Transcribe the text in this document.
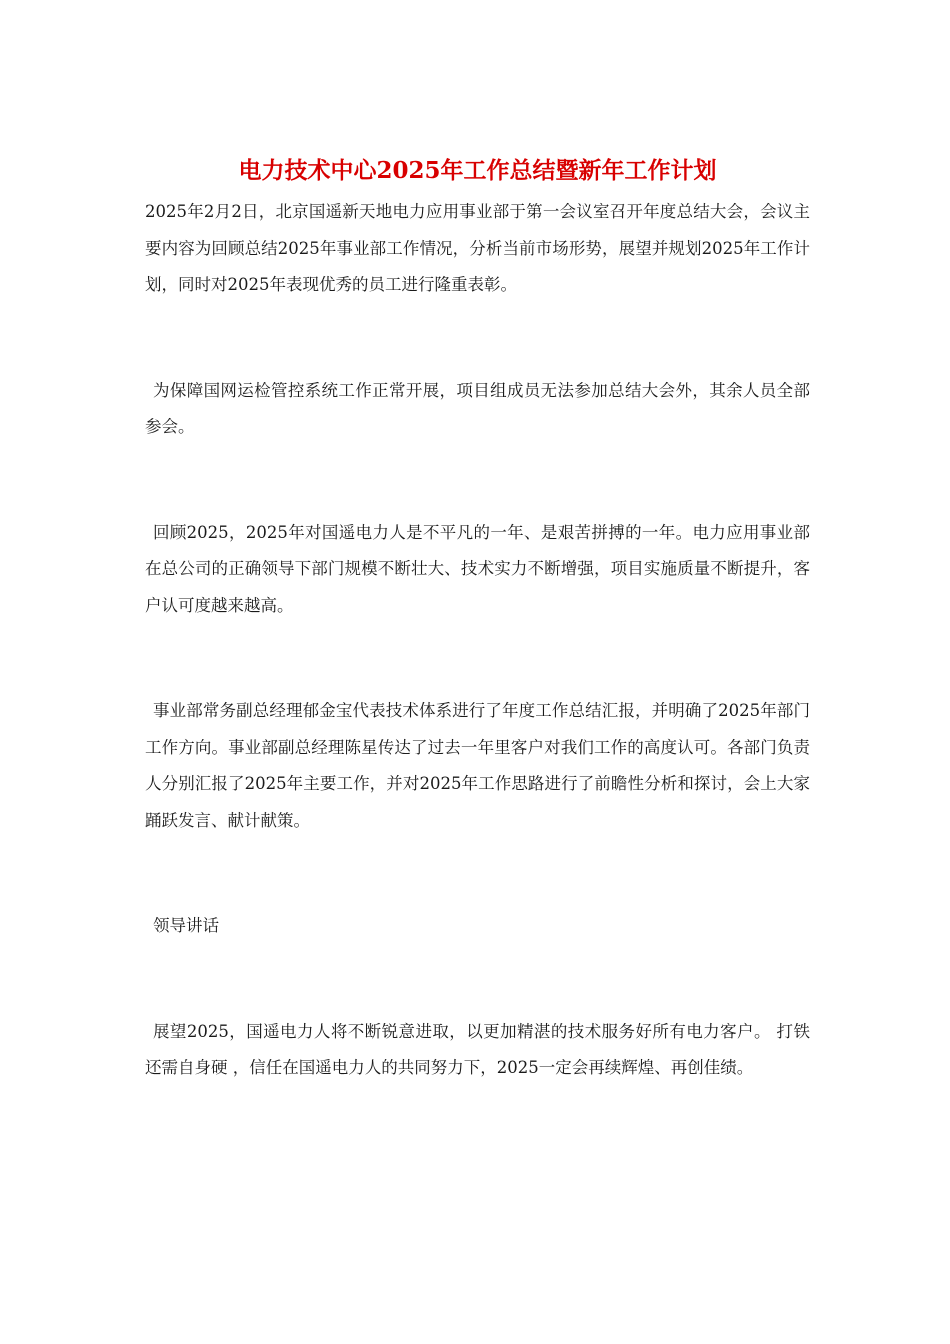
电力技术中心2025年工作总结暨新年工作计划

2025年2月2日，北京国遥新天地电力应用事业部于第一会议室召开年度总结大会，会议主要内容为回顾总结2025年事业部工作情况，分析当前市场形势，展望并规划2025年工作计划，同时对2025年表现优秀的员工进行隆重表彰。

为保障国网运检管控系统工作正常开展，项目组成员无法参加总结大会外，其余人员全部参会。

回顾2025，2025年对国遥电力人是不平凡的一年、是艰苦拼搏的一年。电力应用事业部在总公司的正确领导下部门规模不断壮大、技术实力不断增强，项目实施质量不断提升，客户认可度越来越高。

事业部常务副总经理郁金宝代表技术体系进行了年度工作总结汇报，并明确了2025年部门工作方向。事业部副总经理陈星传达了过去一年里客户对我们工作的高度认可。各部门负责人分别汇报了2025年主要工作，并对2025年工作思路进行了前瞻性分析和探讨，会上大家踊跃发言、献计献策。

领导讲话

展望2025，国遥电力人将不断锐意进取，以更加精湛的技术服务好所有电力客户。 打铁还需自身硬 ，信任在国遥电力人的共同努力下，2025一定会再续辉煌、再创佳绩。
